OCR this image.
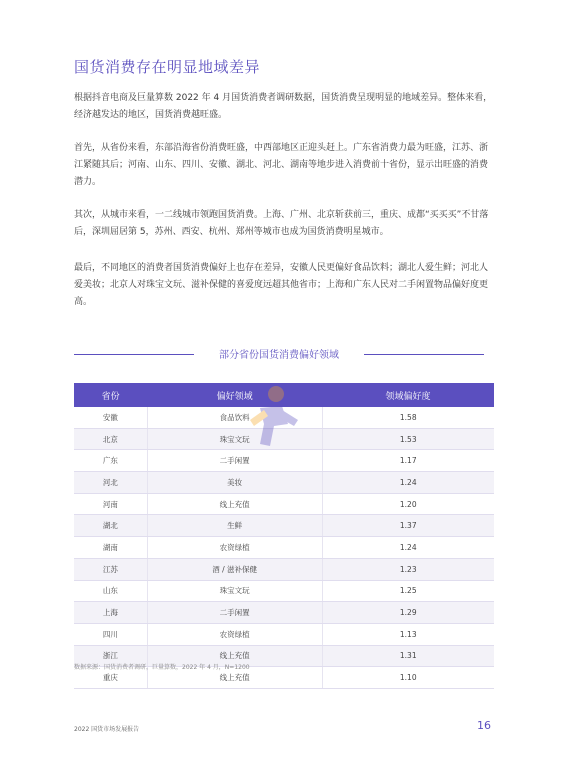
国货消费存在明显地域差异

根据抖音电商及巨量算数 2022 年 4 月国货消费者调研数据，国货消费呈现明显的地域差异。整体来看，经济越发达的地区，国货消费越旺盛。

首先，从省份来看，东部沿海省份消费旺盛，中西部地区正迎头赶上。广东省消费力最为旺盛，江苏、浙江紧随其后；河南、山东、四川、安徽、湖北、河北、湖南等地步进入消费前十省份，显示出旺盛的消费潜力。

其次，从城市来看，一二线城市领跑国货消费。上海、广州、北京斩获前三，重庆、成都“买买买”不甘落后，深圳屈居第 5，苏州、西安、杭州、郑州等城市也成为国货消费明星城市。

最后，不同地区的消费者国货消费偏好上也存在差异，安徽人民更偏好食品饮料；湖北人爱生鲜；河北人爱美妆；北京人对珠宝文玩、滋补保健的喜爱度远超其他省市；上海和广东人民对二手闲置物品偏好度更高。

部分省份国货消费偏好领域
省份	偏好领域	领域偏好度
安徽	食品饮料	1.58
北京	珠宝文玩	1.53
广东	二手闲置	1.17
河北	美妆	1.24
河南	线上充值	1.20
湖北	生鲜	1.37
湖南	农资绿植	1.24
江苏	酒 / 滋补保健	1.23
山东	珠宝文玩	1.25
上海	二手闲置	1.29
四川	农资绿植	1.13
浙江	线上充值	1.31
重庆	线上充值	1.10
数据来源：国货消费者调研，巨量算数，2022 年 4 月，N=1200
2022 国货市场发展报告	16
